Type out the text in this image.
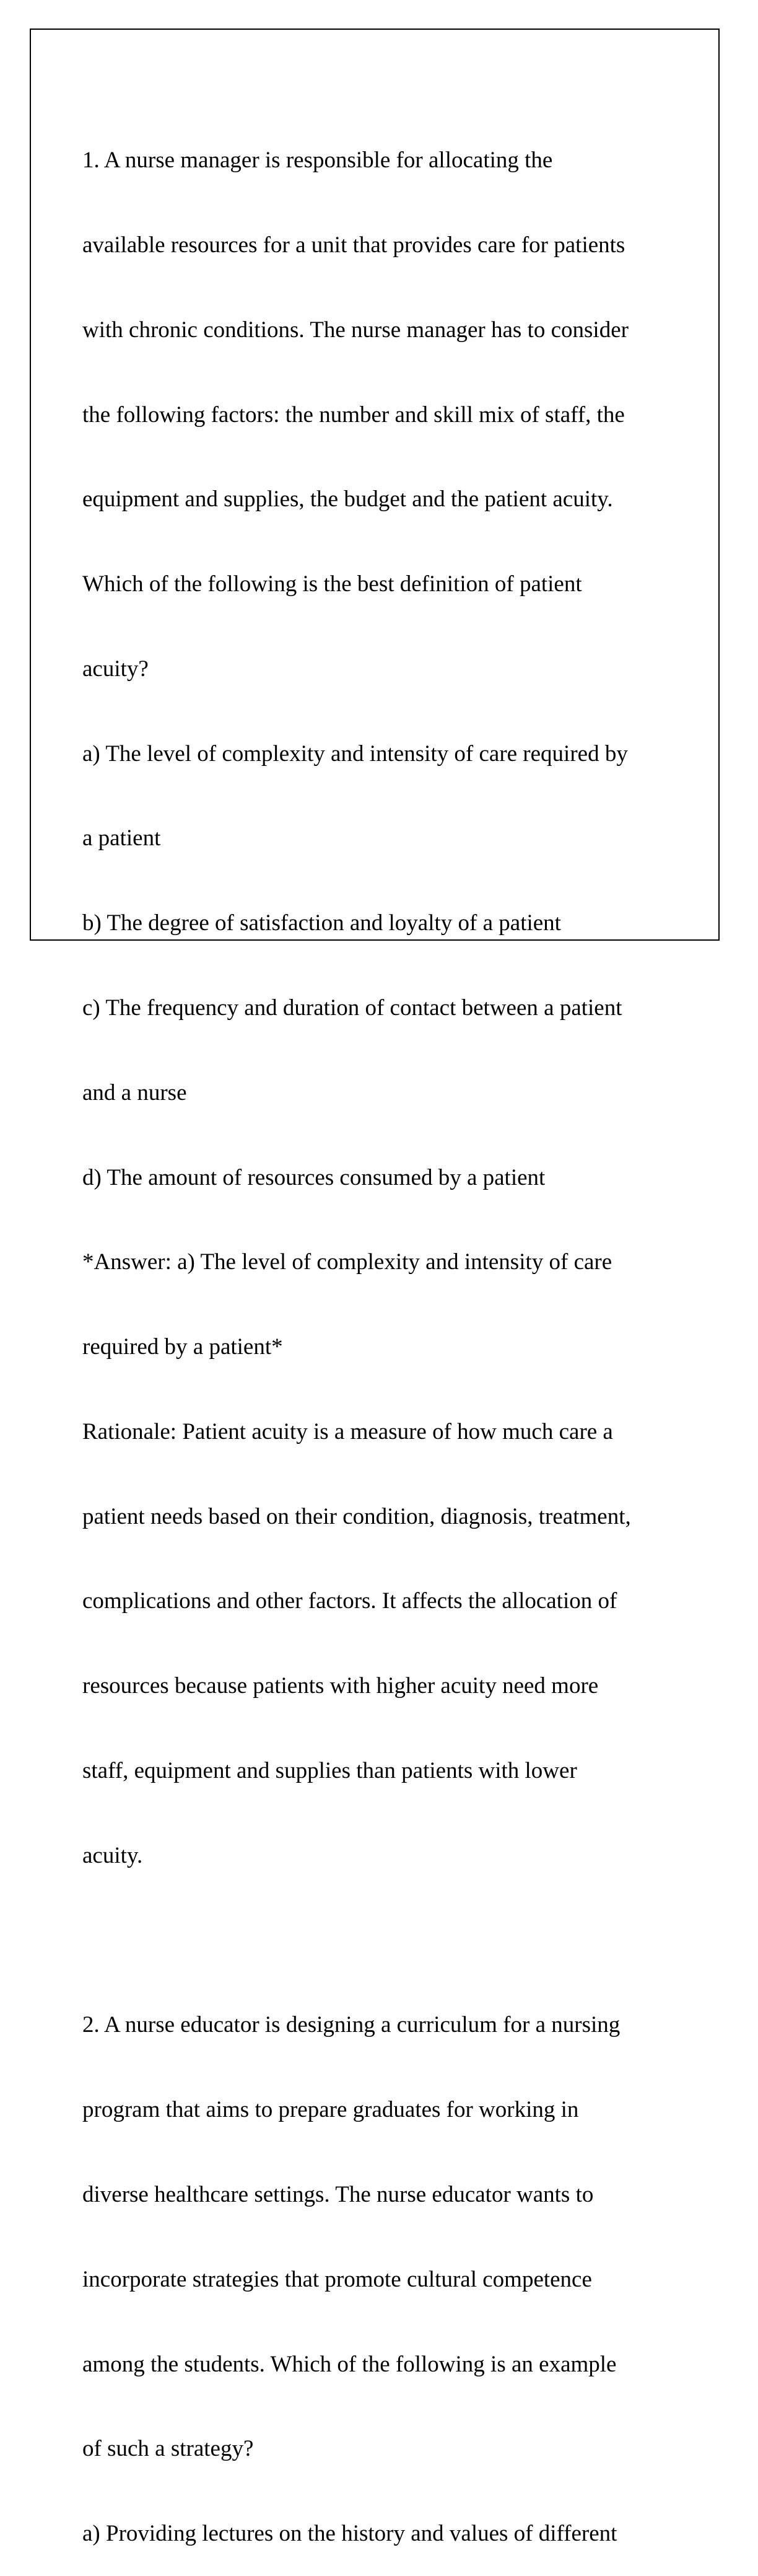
1. A nurse manager is responsible for allocating the

available resources for a unit that provides care for patients

with chronic conditions. The nurse manager has to consider

the following factors: the number and skill mix of staff, the

equipment and supplies, the budget and the patient acuity.

Which of the following is the best definition of patient

acuity?

a) The level of complexity and intensity of care required by

a patient

b) The degree of satisfaction and loyalty of a patient

c) The frequency and duration of contact between a patient

and a nurse

d) The amount of resources consumed by a patient

*Answer: a) The level of complexity and intensity of care

required by a patient*

Rationale: Patient acuity is a measure of how much care a

patient needs based on their condition, diagnosis, treatment,

complications and other factors. It affects the allocation of

resources because patients with higher acuity need more

staff, equipment and supplies than patients with lower

acuity.

2. A nurse educator is designing a curriculum for a nursing

program that aims to prepare graduates for working in

diverse healthcare settings. The nurse educator wants to

incorporate strategies that promote cultural competence

among the students. Which of the following is an example

of such a strategy?

a) Providing lectures on the history and values of different
